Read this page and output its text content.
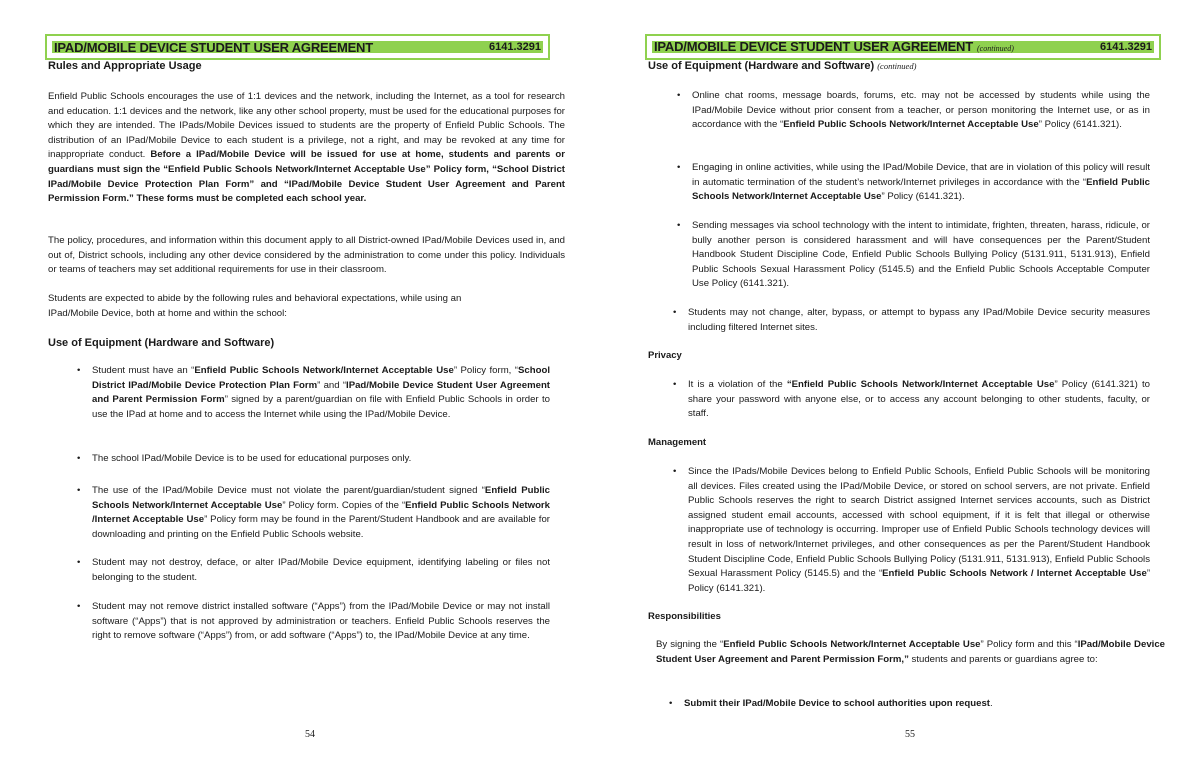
IPAD/MOBILE DEVICE STUDENT USER AGREEMENT	6141.3291
Rules and Appropriate Usage
Enfield Public Schools encourages the use of 1:1 devices and the network, including the Internet, as a tool for research and education. 1:1 devices and the network, like any other school property, must be used for the educational purposes for which they are intended. The IPads/Mobile Devices issued to students are the property of Enfield Public Schools. The distribution of an IPad/Mobile Device to each student is a privilege, not a right, and may be revoked at any time for inappropriate conduct. Before a IPad/Mobile Device will be issued for use at home, students and parents or guardians must sign the “Enfield Public Schools Network/Internet Acceptable Use” Policy form, “School District IPad/Mobile Device Protection Plan Form” and “IPad/Mobile Device Student User Agreement and Parent Permission Form.” These forms must be completed each school year.
The policy, procedures, and information within this document apply to all District-owned IPad/Mobile Devices used in, and out of, District schools, including any other device considered by the administration to come under this policy. Individuals or teams of teachers may set additional requirements for use in their classroom.
Students are expected to abide by the following rules and behavioral expectations, while using an IPad/Mobile Device, both at home and within the school:
Use of Equipment (Hardware and Software)
• Student must have an “Enfield Public Schools Network/Internet Acceptable Use” Policy form, “School District IPad/Mobile Device Protection Plan Form” and “IPad/Mobile Device Student User Agreement and Parent Permission Form” signed by a parent/guardian on file with Enfield Public Schools in order to use the IPad at home and to access the Internet while using the IPad/Mobile Device.
• The school IPad/Mobile Device is to be used for educational purposes only.
• The use of the IPad/Mobile Device must not violate the parent/guardian/student signed “Enfield Public Schools Network/Internet Acceptable Use” Policy form. Copies of the “Enfield Public Schools Network /Internet Acceptable Use” Policy form may be found in the Parent/Student Handbook and are available for downloading and printing on the Enfield Public Schools website.
• Student may not destroy, deface, or alter IPad/Mobile Device equipment, identifying labeling or files not belonging to the student.
• Student may not remove district installed software (“Apps”) from the IPad/Mobile Device or may not install software (“Apps”) that is not approved by administration or teachers. Enfield Public Schools reserves the right to remove software (“Apps”) from, or add software (“Apps”) to, the IPad/Mobile Device at any time.
54
IPAD/MOBILE DEVICE STUDENT USER AGREEMENT (continued)	6141.3291
Use of Equipment (Hardware and Software) (continued)
• Online chat rooms, message boards, forums, etc. may not be accessed by students while using the IPad/Mobile Device without prior consent from a teacher, or person monitoring the Internet use, or as in accordance with the “Enfield Public Schools Network/Internet Acceptable Use” Policy (6141.321).
• Engaging in online activities, while using the IPad/Mobile Device, that are in violation of this policy will result in automatic termination of the student’s network/Internet privileges in accordance with the “Enfield Public Schools Network/Internet Acceptable Use” Policy (6141.321).
• Sending messages via school technology with the intent to intimidate, frighten, threaten, harass, ridicule, or bully another person is considered harassment and will have consequences per the Parent/Student Handbook Student Discipline Code, Enfield Public Schools Bullying Policy (5131.911, 5131.913), Enfield Public Schools Sexual Harassment Policy (5145.5) and the Enfield Public Schools Acceptable Computer Use Policy (6141.321).
• Students may not change, alter, bypass, or attempt to bypass any IPad/Mobile Device security measures including filtered Internet sites.
Privacy
• It is a violation of the “Enfield Public Schools Network/Internet Acceptable Use” Policy (6141.321) to share your password with anyone else, or to access any account belonging to other students, faculty, or staff.
Management
• Since the IPads/Mobile Devices belong to Enfield Public Schools, Enfield Public Schools will be monitoring all devices. Files created using the IPad/Mobile Device, or stored on school servers, are not private. Enfield Public Schools reserves the right to search District assigned Internet services accounts, such as District assigned student email accounts, accessed with school equipment, if it is felt that illegal or otherwise inappropriate use of technology is occurring. Improper use of Enfield Public Schools technology devices will result in loss of network/Internet privileges, and other consequences as per the Parent/Student Handbook Student Discipline Code, Enfield Public Schools Bullying Policy (5131.911, 5131.913), Enfield Public Schools Sexual Harassment Policy (5145.5) and the “Enfield Public Schools Network / Internet Acceptable Use” Policy (6141.321).
Responsibilities
By signing the “Enfield Public Schools Network/Internet Acceptable Use” Policy form and this “IPad/Mobile Device Student User Agreement and Parent Permission Form,” students and parents or guardians agree to:
• Submit their IPad/Mobile Device to school authorities upon request.
55
